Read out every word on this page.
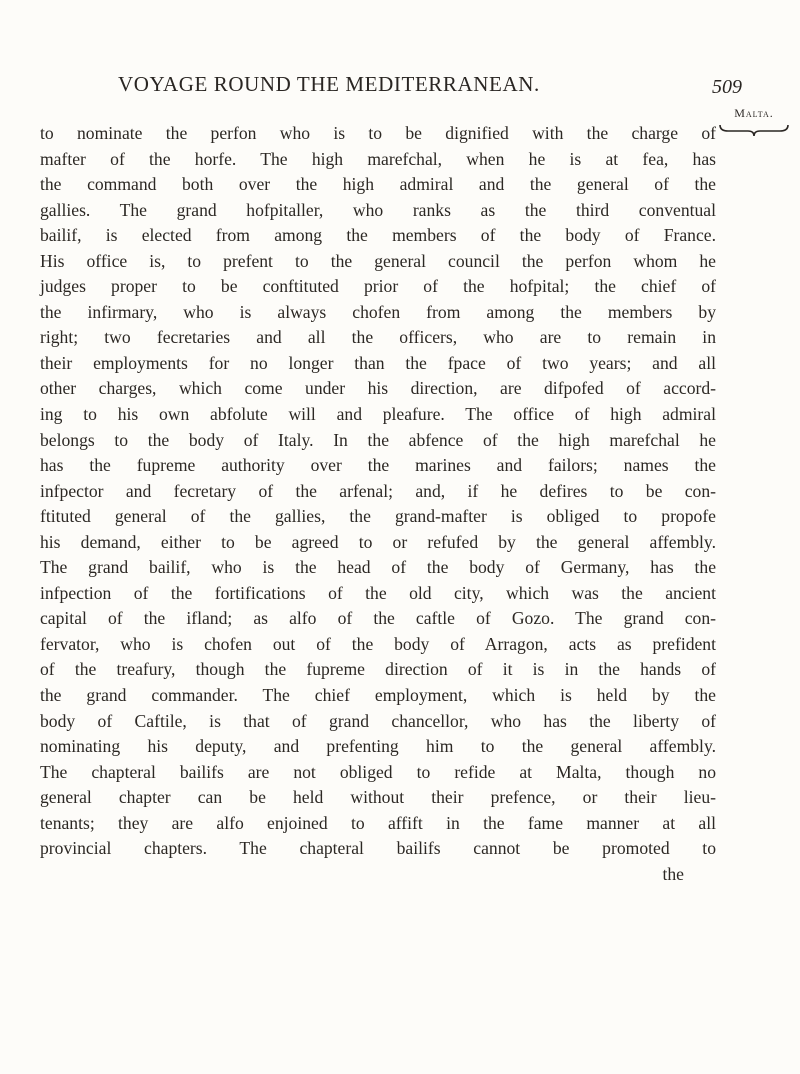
VOYAGE ROUND THE MEDITERRANEAN.	509
Malta.
to nominate the perfon who is to be dignified with the charge of
mafter of the horfe. The high marefchal, when he is at fea, has
the command both over the high admiral and the general of the
gallies. The grand hofpitaller, who ranks as the third conventual
bailif, is elected from among the members of the body of France.
His office is, to prefent to the general council the perfon whom he
judges proper to be conftituted prior of the hofpital; the chief of
the infirmary, who is always chofen from among the members by
right; two fecretaries and all the officers, who are to remain in
their employments for no longer than the fpace of two years; and all
other charges, which come under his direction, are difpofed of accord-
ing to his own abfolute will and pleafure. The office of high admiral
belongs to the body of Italy. In the abfence of the high marefchal he
has the fupreme authority over the marines and failors; names the
infpector and fecretary of the arfenal; and, if he defires to be con-
ftituted general of the gallies, the grand-mafter is obliged to propofe
his demand, either to be agreed to or refufed by the general affembly.
The grand bailif, who is the head of the body of Germany, has the
infpection of the fortifications of the old city, which was the ancient
capital of the ifland; as alfo of the caftle of Gozo. The grand con-
fervator, who is chofen out of the body of Arragon, acts as prefident
of the treafury, though the fupreme direction of it is in the hands of
the grand commander. The chief employment, which is held by the
body of Caftile, is that of grand chancellor, who has the liberty of
nominating his deputy, and prefenting him to the general affembly.
The chapteral bailifs are not obliged to refide at Malta, though no
general chapter can be held without their prefence, or their lieu-
tenants; they are alfo enjoined to affift in the fame manner at all
provincial chapters. The chapteral bailifs cannot be promoted to
the
